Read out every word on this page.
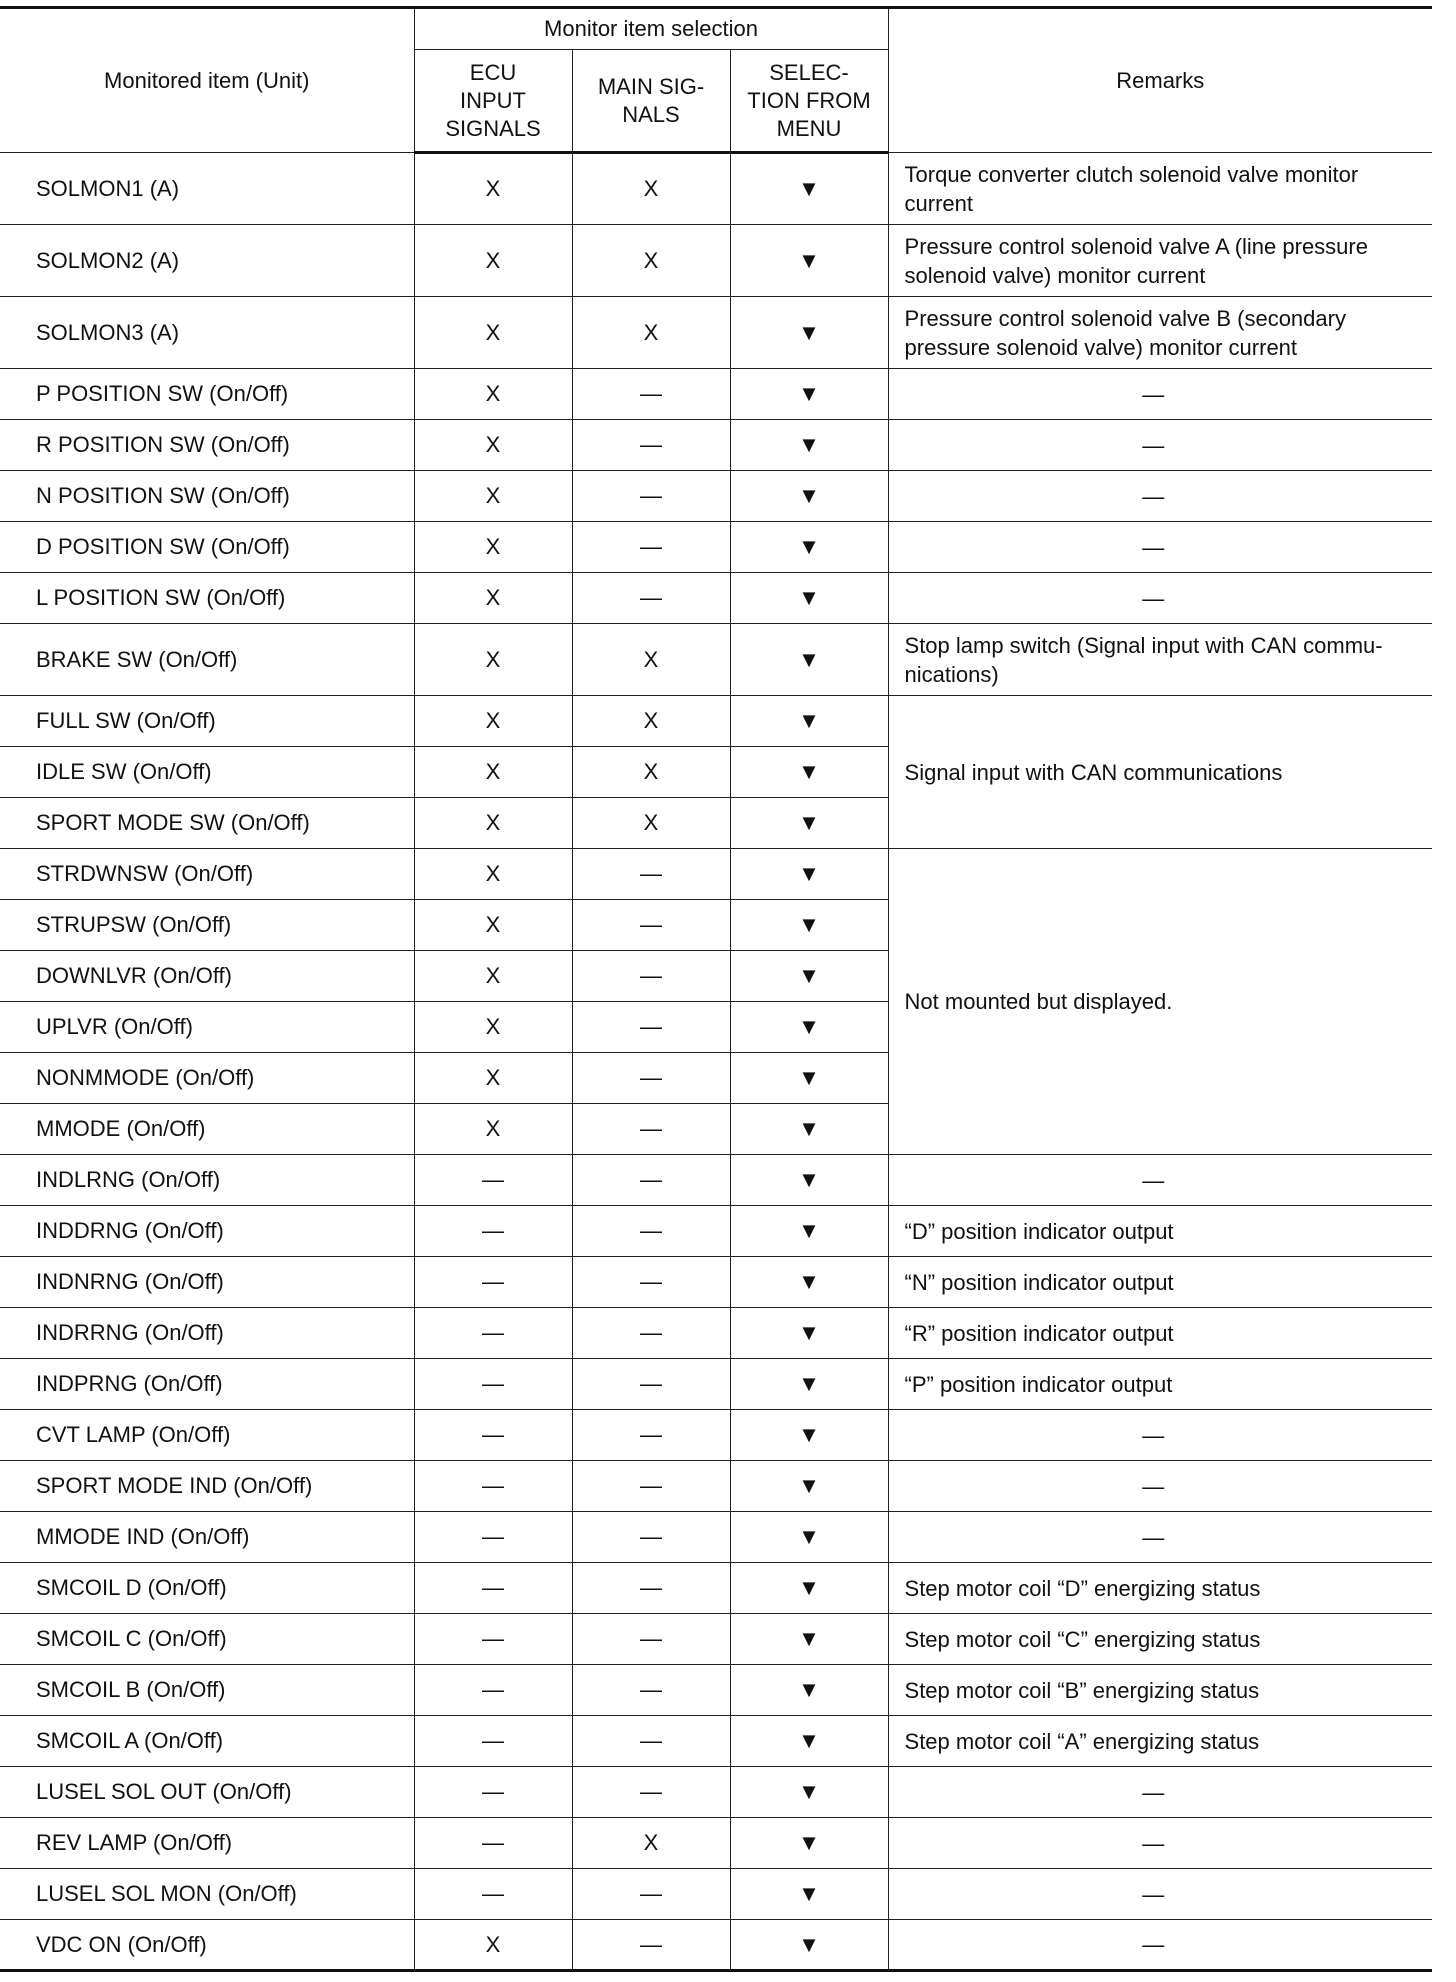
Monitored item (Unit)	Monitor item selection			Remarks
	ECU INPUT SIGNALS	MAIN SIG- NALS	SELEC- TION FROM MENU	
SOLMON1 (A)	X	X	▼	Torque converter clutch solenoid valve monitor current
SOLMON2 (A)	X	X	▼	Pressure control solenoid valve A (line pressure solenoid valve) monitor current
SOLMON3 (A)	X	X	▼	Pressure control solenoid valve B (secondary pressure solenoid valve) monitor current
P POSITION SW (On/Off)	X	—	▼	—
R POSITION SW (On/Off)	X	—	▼	—
N POSITION SW (On/Off)	X	—	▼	—
D POSITION SW (On/Off)	X	—	▼	—
L POSITION SW (On/Off)	X	—	▼	—
BRAKE SW (On/Off)	X	X	▼	Stop lamp switch (Signal input with CAN commu- nications)
FULL SW (On/Off)	X	X	▼	Signal input with CAN communications
IDLE SW (On/Off)	X	X	▼	
SPORT MODE SW (On/Off)	X	X	▼	
STRDWNSW (On/Off)	X	—	▼	Not mounted but displayed.
STRUPSW (On/Off)	X	—	▼	
DOWNLVR (On/Off)	X	—	▼	
UPLVR (On/Off)	X	—	▼	
NONMMODE (On/Off)	X	—	▼	
MMODE (On/Off)	X	—	▼	
INDLRNG (On/Off)	—	—	▼	—
INDDRNG (On/Off)	—	—	▼	“D” position indicator output
INDNRNG (On/Off)	—	—	▼	“N” position indicator output
INDRRNG (On/Off)	—	—	▼	“R” position indicator output
INDPRNG (On/Off)	—	—	▼	“P” position indicator output
CVT LAMP (On/Off)	—	—	▼	—
SPORT MODE IND (On/Off)	—	—	▼	—
MMODE IND (On/Off)	—	—	▼	—
SMCOIL D (On/Off)	—	—	▼	Step motor coil “D” energizing status
SMCOIL C (On/Off)	—	—	▼	Step motor coil “C” energizing status
SMCOIL B (On/Off)	—	—	▼	Step motor coil “B” energizing status
SMCOIL A (On/Off)	—	—	▼	Step motor coil “A” energizing status
LUSEL SOL OUT (On/Off)	—	—	▼	—
REV LAMP (On/Off)	—	X	▼	—
LUSEL SOL MON (On/Off)	—	—	▼	—
VDC ON (On/Off)	X	—	▼	—
